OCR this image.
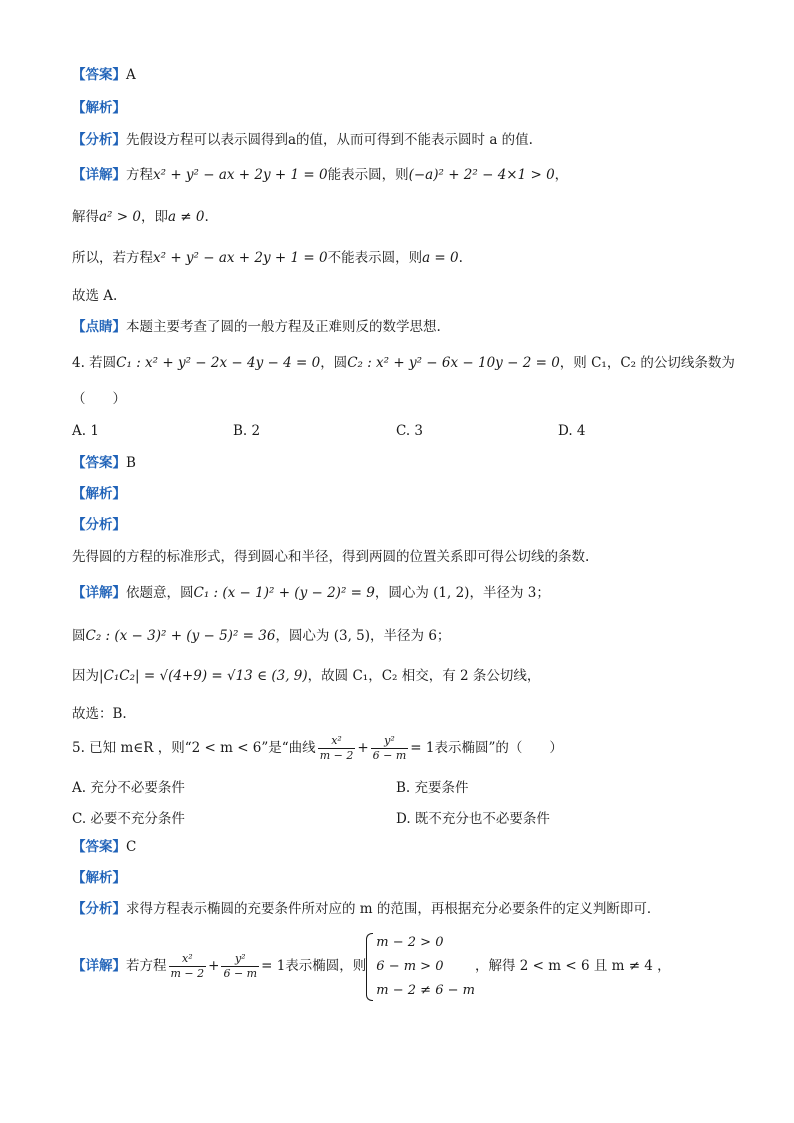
【答案】A
【解析】
【分析】先假设方程可以表示圆得到a的值，从而可得到不能表示圆时 a 的值.
【详解】方程x² + y² − ax + 2y + 1 = 0能表示圆，则(−a)² + 2² − 4×1 > 0，
解得a² > 0，即a ≠ 0.
所以，若方程x² + y² − ax + 2y + 1 = 0不能表示圆，则a = 0.
故选 A.
【点睛】本题主要考查了圆的一般方程及正难则反的数学思想.
4. 若圆C₁ : x² + y² − 2x − 4y − 4 = 0，圆C₂ : x² + y² − 6x − 10y − 2 = 0，则 C₁，C₂ 的公切线条数为
（　　）
A. 1	B. 2	C. 3	D. 4
【答案】B
【解析】
【分析】
先得圆的方程的标准形式，得到圆心和半径，得到两圆的位置关系即可得公切线的条数.
【详解】依题意，圆C₁ : (x − 1)² + (y − 2)² = 9，圆心为 (1, 2)，半径为 3；
圆C₂ : (x − 3)² + (y − 5)² = 36，圆心为 (3, 5)，半径为 6；
因为|C₁C₂| = √(4+9) = √13 ∈ (3, 9)，故圆 C₁，C₂ 相交，有 2 条公切线，
故选：B.
5. 已知 m∈R ，则“2 < m < 6”是“曲线 $\frac{\text{x²}}{m - 2} + \frac{\text{y²}}{6 - m} = 1$表示椭圆”的（　　）
A. 充分不必要条件	B. 充要条件
C. 必要不充分条件	D. 既不充分也不必要条件
【答案】C
【解析】
【分析】求得方程表示椭圆的充要条件所对应的 m 的范围，再根据充分必要条件的定义判断即可．
【详解】若方程 $\frac{\text{x²}}{m - 2} + \frac{\text{y²}}{6 - m} = 1$表示椭圆，则
m − 2 > 0
6 − m > 0
m − 2 ≠ 6 − m
，解得 2 < m < 6 且 m ≠ 4 ，
